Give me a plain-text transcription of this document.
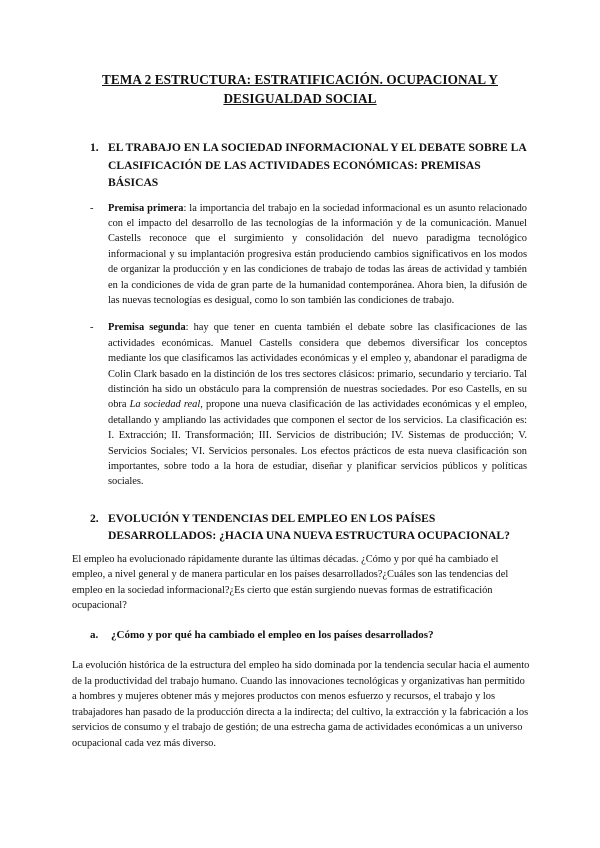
TEMA 2 ESTRUCTURA: ESTRATIFICACIÓN. OCUPACIONAL Y DESIGUALDAD SOCIAL
1. EL TRABAJO EN LA SOCIEDAD INFORMACIONAL Y EL DEBATE SOBRE LA CLASIFICACIÓN DE LAS ACTIVIDADES ECONÓMICAS: PREMISAS BÁSICAS
- Premisa primera: la importancia del trabajo en la sociedad informacional es un asunto relacionado con el impacto del desarrollo de las tecnologías de la información y de la comunicación. Manuel Castells reconoce que el surgimiento y consolidación del nuevo paradigma tecnológico informacional y su implantación progresiva están produciendo cambios significativos en los modos de organizar la producción y en las condiciones de trabajo de todas las áreas de actividad y también en la condiciones de vida de gran parte de la humanidad contemporánea. Ahora bien, la difusión de las nuevas tecnologías es desigual, como lo son también las condiciones de trabajo.
- Premisa segunda: hay que tener en cuenta también el debate sobre las clasificaciones de las actividades económicas. Manuel Castells considera que debemos diversificar los conceptos mediante los que clasificamos las actividades económicas y el empleo y, abandonar el paradigma de Colin Clark basado en la distinción de los tres sectores clásicos: primario, secundario y terciario. Tal distinción ha sido un obstáculo para la comprensión de nuestras sociedades. Por eso Castells, en su obra La sociedad real, propone una nueva clasificación de las actividades económicas y el empleo, detallando y ampliando las actividades que componen el sector de los servicios. La clasificación es: I. Extracción; II. Transformación; III. Servicios de distribución; IV. Sistemas de producción; V. Servicios Sociales; VI. Servicios personales. Los efectos prácticos de esta nueva clasificación son importantes, sobre todo a la hora de estudiar, diseñar y planificar servicios públicos y políticas sociales.
2. EVOLUCIÓN Y TENDENCIAS DEL EMPLEO EN LOS PAÍSES DESARROLLADOS: ¿HACIA UNA NUEVA ESTRUCTURA OCUPACIONAL?
El empleo ha evolucionado rápidamente durante las últimas décadas. ¿Cómo y por qué ha cambiado el empleo, a nivel general y de manera particular en los países desarrollados?¿Cuáles son las tendencias del empleo en la sociedad informacional?¿Es cierto que están surgiendo nuevas formas de estratificación ocupacional?
a. ¿Cómo y por qué ha cambiado el empleo en los países desarrollados?
La evolución histórica de la estructura del empleo ha sido dominada por la tendencia secular hacia el aumento de la productividad del trabajo humano. Cuando las innovaciones tecnológicas y organizativas han permitido a hombres y mujeres obtener más y mejores productos con menos esfuerzo y recursos, el trabajo y los trabajadores han pasado de la producción directa a la indirecta; del cultivo, la extracción y la fabricación a los servicios de consumo y el trabajo de gestión; de una estrecha gama de actividades económicas a un universo ocupacional cada vez más diverso.
